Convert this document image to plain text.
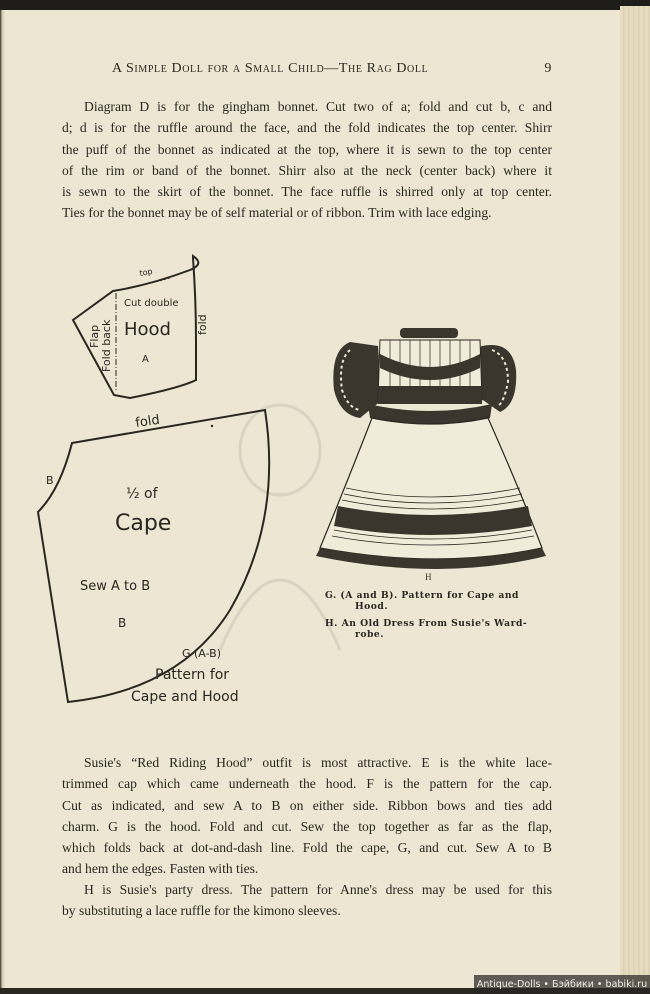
A Simple Doll for a Small Child—The Rag Doll	9
Diagram D is for the gingham bonnet. Cut two of a; fold and cut b, c and
d; d is for the ruffle around the face, and the fold indicates the top center. Shirr
the puff of the bonnet as indicated at the top, where it is sewn to the top center
of the rim or band of the bonnet. Shirr also at the neck (center back) where it
is sewn to the skirt of the bonnet. The face ruffle is shirred only at top center.
Ties for the bonnet may be of self material or of ribbon. Trim with lace edging.
top
Cut double
Hood
A
fold
Flap Fold back
fold
B
½ of
Cape
Sew A to B
B
G (A-B)
Pattern for
Cape and Hood
H
G. (A and B). Pattern for Cape and
Hood.
H. An Old Dress From Susie's Ward-
robe.
Susie's “Red Riding Hood” outfit is most attractive. E is the white lace-
trimmed cap which came underneath the hood. F is the pattern for the cap.
Cut as indicated, and sew A to B on either side. Ribbon bows and ties add
charm. G is the hood. Fold and cut. Sew the top together as far as the flap,
which folds back at dot-and-dash line. Fold the cape, G, and cut. Sew A to B
and hem the edges. Fasten with ties.
H is Susie's party dress. The pattern for Anne's dress may be used for this
by substituting a lace ruffle for the kimono sleeves.
Antique-Dolls • Бэйбики • babiki.ru
